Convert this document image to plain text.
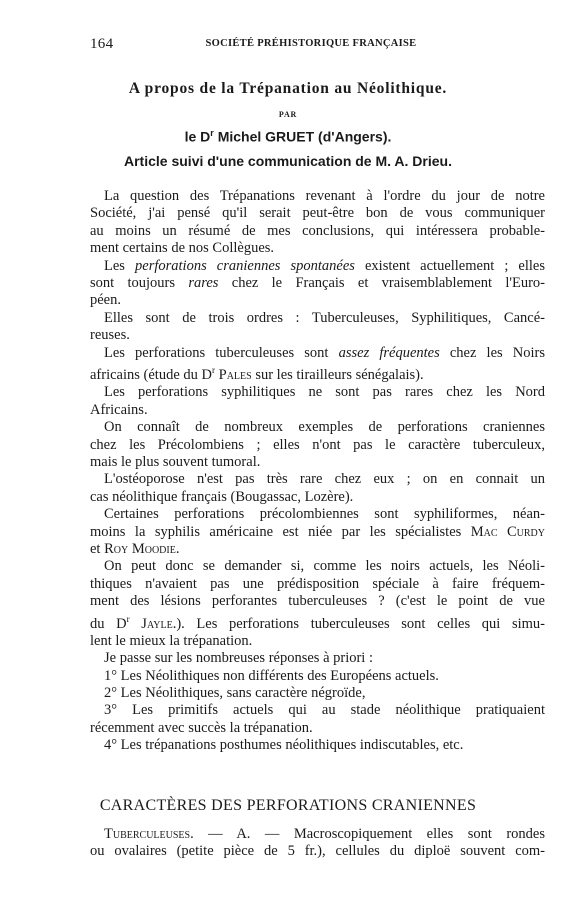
164	SOCIÉTÉ PRÉHISTORIQUE FRANÇAISE
A propos de la Trépanation au Néolithique.
PAR
le $D^r$ Michel GRUET (d'Angers).
Article suivi d'une communication de M. A. Drieu.
La question des Trépanations revenant à l'ordre du jour de notre
Société, j'ai pensé qu'il serait peut-être bon de vous communiquer
au moins un résumé de mes conclusions, qui intéressera probable-
ment certains de nos Collègues.
Les perforations craniennes spontanées existent actuellement ; elles
sont toujours rares chez le Français et vraisemblablement l'Euro-
péen.
Elles sont de trois ordres : Tuberculeuses, Syphilitiques, Cancé-
reuses.
Les perforations tuberculeuses sont assez fréquentes chez les Noirs
africains (étude du $D^r$ Pales sur les tirailleurs sénégalais).
Les perforations syphilitiques ne sont pas rares chez les Nord
Africains.
On connaît de nombreux exemples de perforations craniennes
chez les Précolombiens ; elles n'ont pas le caractère tuberculeux,
mais le plus souvent tumoral.
L'ostéoporose n'est pas très rare chez eux ; on en connait un
cas néolithique français (Bougassac, Lozère).
Certaines perforations précolombiennes sont syphiliformes, néan-
moins la syphilis américaine est niée par les spécialistes Mac Curdy
et Roy Moodie.
On peut donc se demander si, comme les noirs actuels, les Néoli-
thiques n'avaient pas une prédisposition spéciale à faire fréquem-
ment des lésions perforantes tuberculeuses ? (c'est le point de vue
du $D^r$ Jayle.). Les perforations tuberculeuses sont celles qui simu-
lent le mieux la trépanation.
Je passe sur les nombreuses réponses à priori :
1° Les Néolithiques non différents des Européens actuels.
2° Les Néolithiques, sans caractère négroïde,
3° Les primitifs actuels qui au stade néolithique pratiquaient
récemment avec succès la trépanation.
4° Les trépanations posthumes néolithiques indiscutables, etc.
CARACTÈRES DES PERFORATIONS CRANIENNES
Tuberculeuses. — A. — Macroscopiquement elles sont rondes
ou ovalaires (petite pièce de 5 fr.), cellules du diploë souvent com-
